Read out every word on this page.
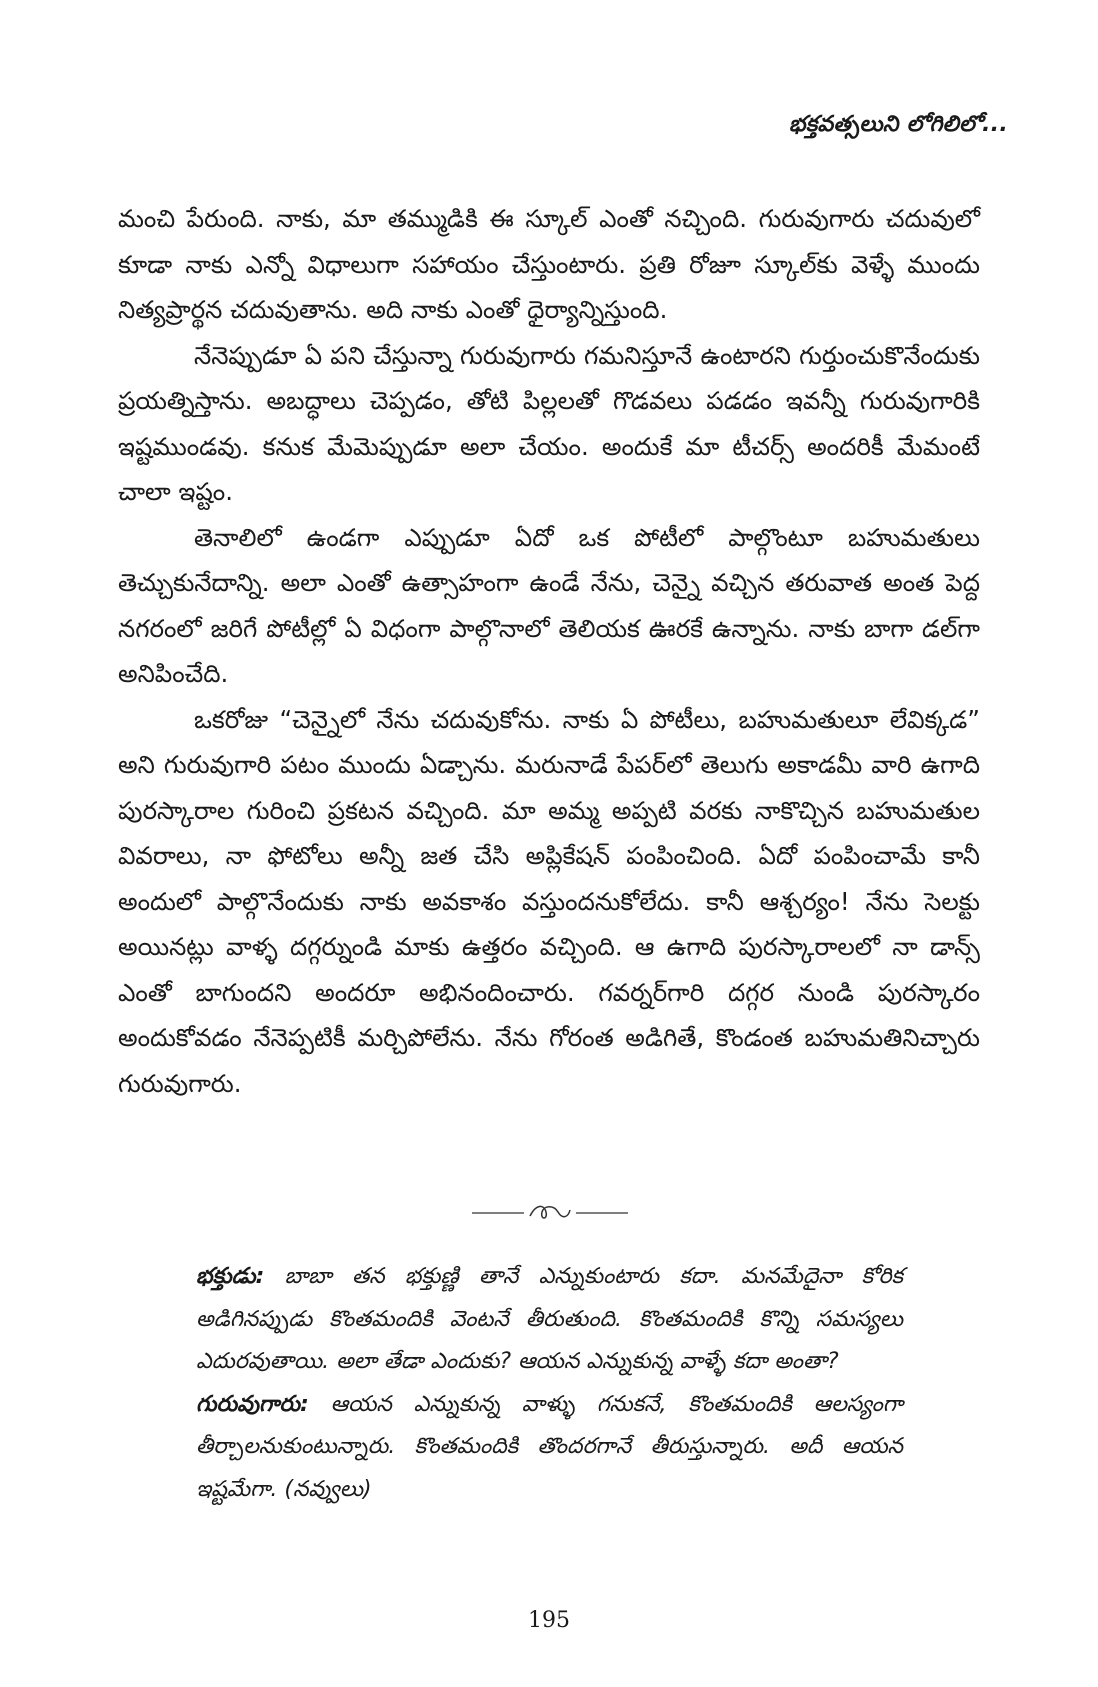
భక్తవత్సలుని లోగిలిలో...

మంచి పేరుంది. నాకు, మా తమ్ముడికి ఈ స్కూల్ ఎంతో నచ్చింది. గురువుగారు చదువులో కూడా నాకు ఎన్నో విధాలుగా సహాయం చేస్తుంటారు. ప్రతి రోజూ స్కూల్‌కు వెళ్ళే ముందు నిత్యప్రార్థన చదువుతాను. అది నాకు ఎంతో ధైర్యాన్నిస్తుంది.

నేనెప్పుడూ ఏ పని చేస్తున్నా గురువుగారు గమనిస్తూనే ఉంటారని గుర్తుంచుకొనేందుకు ప్రయత్నిస్తాను. అబద్ధాలు చెప్పడం, తోటి పిల్లలతో గొడవలు పడడం ఇవన్నీ గురువుగారికి ఇష్టముండవు. కనుక మేమెప్పుడూ అలా చేయం. అందుకే మా టీచర్స్ అందరికీ మేమంటే చాలా ఇష్టం.

తెనాలిలో ఉండగా ఎప్పుడూ ఏదో ఒక పోటీలో పాల్గొంటూ బహుమతులు తెచ్చుకునేదాన్ని. అలా ఎంతో ఉత్సాహంగా ఉండే నేను, చెన్నై వచ్చిన తరువాత అంత పెద్ద నగరంలో జరిగే పోటీల్లో ఏ విధంగా పాల్గొనాలో తెలియక ఊరకే ఉన్నాను. నాకు బాగా డల్‌గా అనిపించేది.

ఒకరోజు “చెన్నైలో నేను చదువుకోను. నాకు ఏ పోటీలు, బహుమతులూ లేవిక్కడ” అని గురువుగారి పటం ముందు ఏడ్చాను. మరునాడే పేపర్‌లో తెలుగు అకాడమీ వారి ఉగాది పురస్కారాల గురించి ప్రకటన వచ్చింది. మా అమ్మ అప్పటి వరకు నాకొచ్చిన బహుమతుల వివరాలు, నా ఫోటోలు అన్నీ జత చేసి అప్లికేషన్ పంపించింది. ఏదో పంపించామే కానీ అందులో పాల్గొనేందుకు నాకు అవకాశం వస్తుందనుకోలేదు. కానీ ఆశ్చర్యం! నేను సెలక్టు అయినట్లు వాళ్ళ దగ్గర్నుండి మాకు ఉత్తరం వచ్చింది. ఆ ఉగాది పురస్కారాలలో నా డాన్స్ ఎంతో బాగుందని అందరూ అభినందించారు. గవర్నర్‌గారి దగ్గర నుండి పురస్కారం అందుకోవడం నేనెప్పటికీ మర్చిపోలేను. నేను గోరంత అడిగితే, కొండంత బహుమతినిచ్చారు గురువుగారు.

భక్తుడు: బాబా తన భక్తుణ్ణి తానే ఎన్నుకుంటారు కదా. మనమేదైనా కోరిక అడిగినప్పుడు కొంతమందికి వెంటనే తీరుతుంది. కొంతమందికి కొన్ని సమస్యలు ఎదురవుతాయి. అలా తేడా ఎందుకు? ఆయన ఎన్నుకున్న వాళ్ళే కదా అంతా?

గురువుగారు: ఆయన ఎన్నుకున్న వాళ్ళు గనుకనే, కొంతమందికి ఆలస్యంగా తీర్చాలనుకుంటున్నారు. కొంతమందికి తొందరగానే తీరుస్తున్నారు. అదీ ఆయన ఇష్టమేగా. (నవ్వులు)

195
